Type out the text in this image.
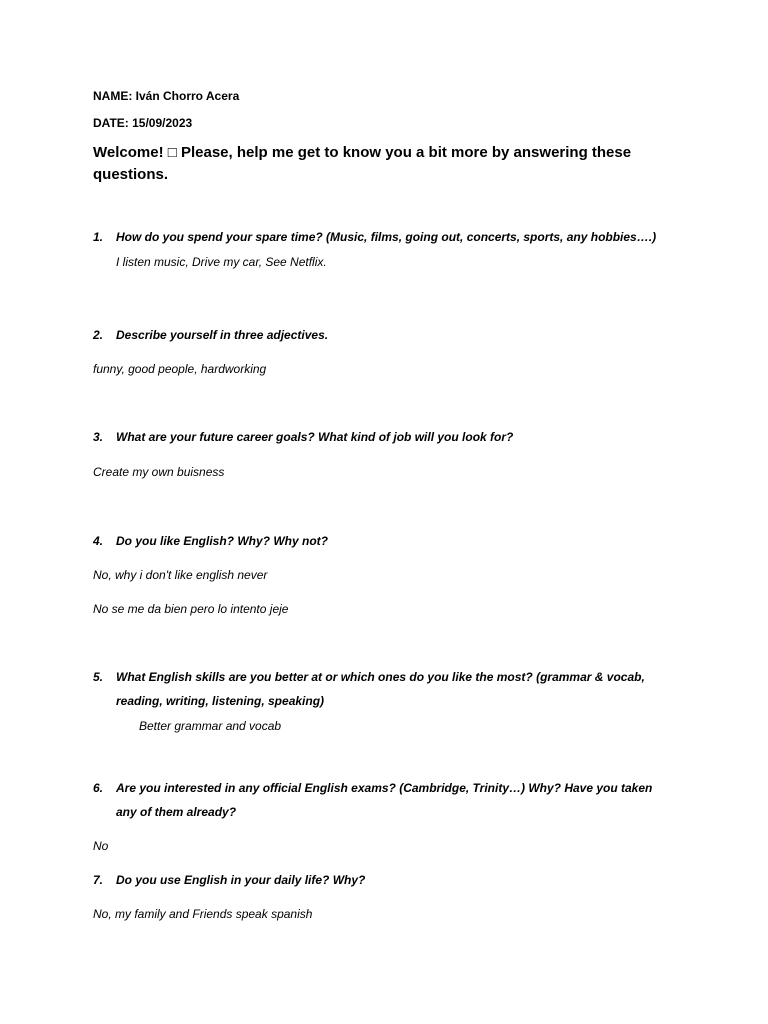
NAME: Iván Chorro Acera
DATE: 15/09/2023
Welcome! □ Please, help me get to know you a bit more by answering these
questions.
1. How do you spend your spare time? (Music, films, going out, concerts, sports, any hobbies….)
I listen music, Drive my car, See Netflix.
2. Describe yourself in three adjectives.
funny, good people, hardworking
3. What are your future career goals? What kind of job will you look for?
Create my own buisness
4. Do you like English? Why? Why not?
No, why i don't like english never
No se me da bien pero lo intento jeje
5. What English skills are you better at or which ones do you like the most? (grammar & vocab,
reading, writing, listening, speaking)
Better grammar and vocab
6. Are you interested in any official English exams? (Cambridge, Trinity…) Why? Have you taken
any of them already?
No
7. Do you use English in your daily life? Why?
No, my family and Friends speak spanish
